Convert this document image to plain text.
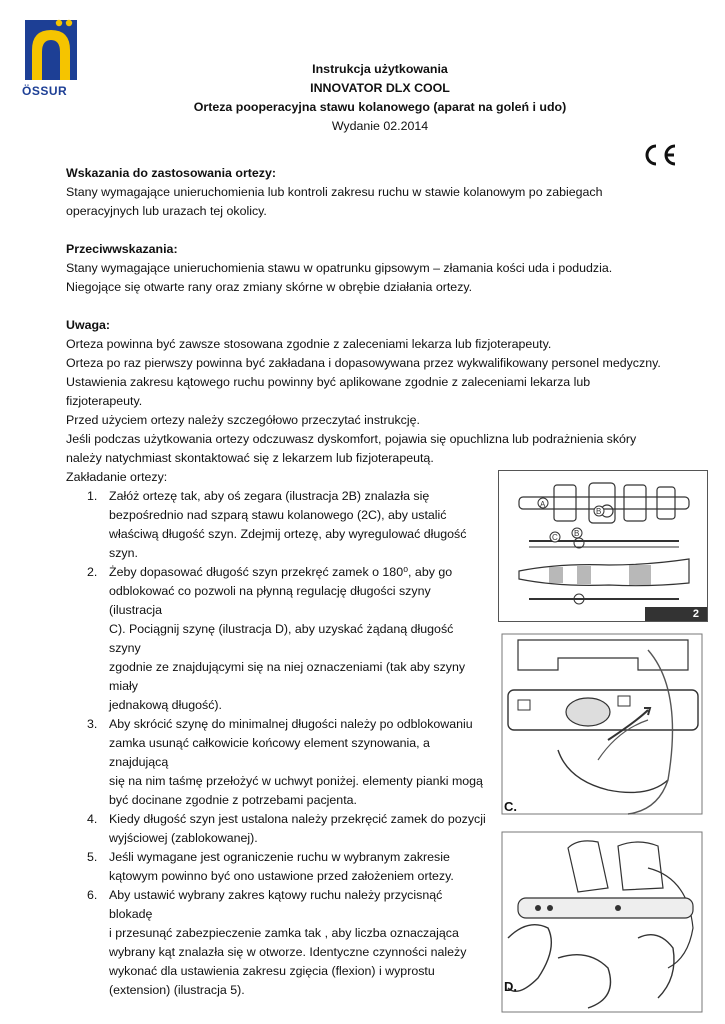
ÖSSUR
Instrukcja użytkowania
INNOVATOR DLX COOL
Orteza pooperacyjna stawu kolanowego (aparat na goleń i udo)
Wydanie 02.2014

Wskazania do zastosowania ortezy:

Stany wymagające unieruchomienia lub kontroli zakresu ruchu w stawie kolanowym po zabiegach

operacyjnych lub urazach tej okolicy.

Przeciwwskazania:

Stany wymagające unieruchomienia stawu w opatrunku gipsowym – złamania kości uda i podudzia.

Niegojące się otwarte rany oraz zmiany skórne w obrębie działania ortezy.

Uwaga:

Orteza powinna być zawsze stosowana zgodnie z zaleceniami lekarza lub fizjoterapeuty.

Orteza po raz pierwszy powinna być zakładana i dopasowywana przez wykwalifikowany personel medyczny.

Ustawienia zakresu kątowego ruchu powinny być aplikowane zgodnie z zaleceniami lekarza lub

fizjoterapeuty.

Przed użyciem ortezy należy szczegółowo przeczytać instrukcję.

Jeśli podczas użytkowania ortezy odczuwasz dyskomfort, pojawia się opuchlizna lub podrażnienia skóry

należy natychmiast skontaktować się z lekarzem lub fizjoterapeutą.

Zakładanie ortezy:

1. Załóż ortezę tak, aby oś zegara (ilustracja 2B) znalazła się
bezpośrednio nad szparą stawu kolanowego (2C), aby ustalić
właściwą długość szyn. Zdejmij ortezę, aby wyregulować długość
szyn.
2. Żeby dopasować długość szyn przekręć zamek o 180⁰, aby go
odblokować co pozwoli na płynną regulację długości szyny (ilustracja
C). Pociągnij szynę (ilustracja D), aby uzyskać żądaną długość szyny
zgodnie ze znajdującymi się na niej oznaczeniami (tak aby szyny miały
jednakową długość).
3. Aby skrócić szynę do minimalnej długości należy po odblokowaniu
zamka usunąć całkowicie końcowy element szynowania, a znajdującą
się na nim taśmę przełożyć w uchwyt poniżej. elementy pianki mogą
być docinane zgodnie z potrzebami pacjenta.
4. Kiedy długość szyn jest ustalona należy przekręcić zamek do pozycji
wyjściowej (zablokowanej).
5. Jeśli wymagane jest ograniczenie ruchu w wybranym zakresie
kątowym powinno być ono ustawione przed założeniem ortezy.
6. Aby ustawić wybrany zakres kątowy ruchu należy przycisnąć blokadę
i przesunąć zabezpieczenie zamka tak , aby liczba oznaczająca
wybrany kąt znalazła się w otworze. Identyczne czynności należy
wykonać dla ustawienia zakresu zgięcia (flexion) i wyprostu
(extension) (ilustracja 5).
A
B
C B
2
C.
D.
